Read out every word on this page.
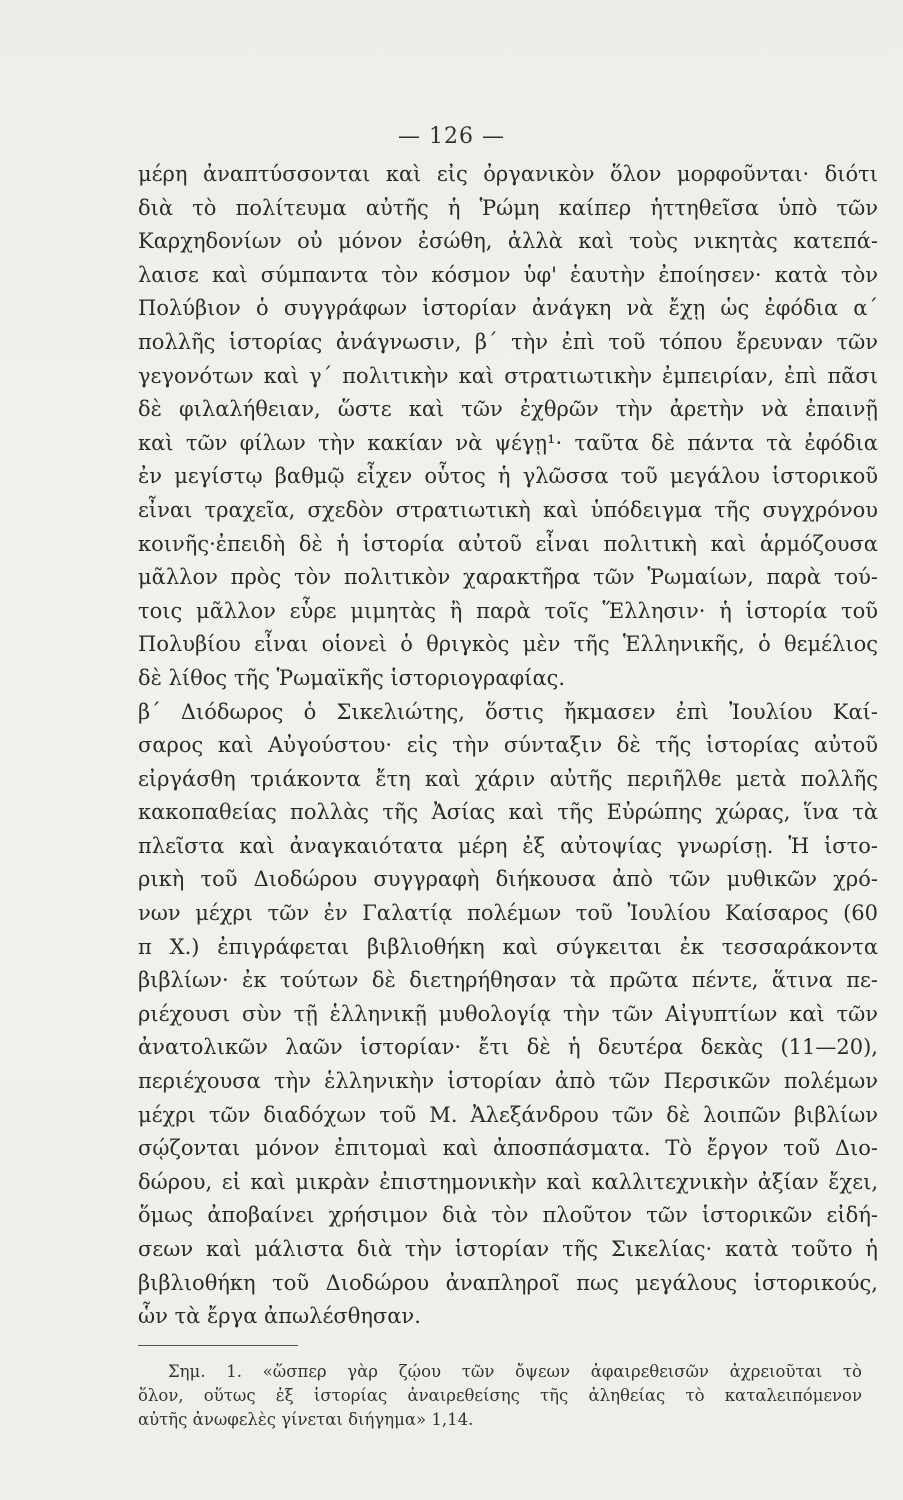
— 126 —
μέρη ἀναπτύσσονται καὶ εἰς ὀργανικὸν ὅλον μορφοῦνται· διότι
διὰ τὸ πολίτευμα αὐτῆς ἡ Ῥώμη καίπερ ἡττηθεῖσα ὑπὸ τῶν
Καρχηδονίων οὐ μόνον ἐσώθη, ἀλλὰ καὶ τοὺς νικητὰς κατεπά-
λαισε καὶ σύμπαντα τὸν κόσμον ὑφ' ἑαυτὴν ἐποίησεν· κατὰ τὸν
Πολύβιον ὁ συγγράφων ἱστορίαν ἀνάγκη νὰ ἔχῃ ὡς ἐφόδια α΄
πολλῆς ἱστορίας ἀνάγνωσιν, β΄ τὴν ἐπὶ τοῦ τόπου ἔρευναν τῶν
γεγονότων καὶ γ΄ πολιτικὴν καὶ στρατιωτικὴν ἐμπειρίαν, ἐπὶ πᾶσι
δὲ φιλαλήθειαν, ὥστε καὶ τῶν ἐχθρῶν τὴν ἀρετὴν νὰ ἐπαινῇ
καὶ τῶν φίλων τὴν κακίαν νὰ ψέγῃ¹· ταῦτα δὲ πάντα τὰ ἐφόδια
ἐν μεγίστῳ βαθμῷ εἶχεν οὗτος ἡ γλῶσσα τοῦ μεγάλου ἱστορικοῦ
εἶναι τραχεῖα, σχεδὸν στρατιωτικὴ καὶ ὑπόδειγμα τῆς συγχρόνου
κοινῆς·ἐπειδὴ δὲ ἡ ἱστορία αὐτοῦ εἶναι πολιτικὴ καὶ ἁρμόζουσα
μᾶλλον πρὸς τὸν πολιτικὸν χαρακτῆρα τῶν Ῥωμαίων, παρὰ τού-
τοις μᾶλλον εὗρε μιμητὰς ἢ παρὰ τοῖς Ἕλλησιν· ἡ ἱστορία τοῦ
Πολυβίου εἶναι οἱονεὶ ὁ θριγκὸς μὲν τῆς Ἑλληνικῆς, ὁ θεμέλιος
δὲ λίθος τῆς Ῥωμαϊκῆς ἱστοριογραφίας.
β΄ Διόδωρος ὁ Σικελιώτης, ὅστις ἤκμασεν ἐπὶ Ἰουλίου Καί-
σαρος καὶ Αὐγούστου· εἰς τὴν σύνταξιν δὲ τῆς ἱστορίας αὐτοῦ
εἰργάσθη τριάκοντα ἔτη καὶ χάριν αὐτῆς περιῆλθε μετὰ πολλῆς
κακοπαθείας πολλὰς τῆς Ἀσίας καὶ τῆς Εὐρώπης χώρας, ἵνα τὰ
πλεῖστα καὶ ἀναγκαιότατα μέρη ἐξ αὐτοψίας γνωρίσῃ. Ἡ ἱστο-
ρικὴ τοῦ Διοδώρου συγγραφὴ διήκουσα ἀπὸ τῶν μυθικῶν χρό-
νων μέχρι τῶν ἐν Γαλατίᾳ πολέμων τοῦ Ἰουλίου Καίσαρος (60
π Χ.) ἐπιγράφεται βιβλιοθήκη καὶ σύγκειται ἐκ τεσσαράκοντα
βιβλίων· ἐκ τούτων δὲ διετηρήθησαν τὰ πρῶτα πέντε, ἅτινα πε-
ριέχουσι σὺν τῇ ἑλληνικῇ μυθολογίᾳ τὴν τῶν Αἰγυπτίων καὶ τῶν
ἀνατολικῶν λαῶν ἱστορίαν· ἔτι δὲ ἡ δευτέρα δεκὰς (11—20),
περιέχουσα τὴν ἑλληνικὴν ἱστορίαν ἀπὸ τῶν Περσικῶν πολέμων
μέχρι τῶν διαδόχων τοῦ Μ. Ἀλεξάνδρου τῶν δὲ λοιπῶν βιβλίων
σῴζονται μόνον ἐπιτομαὶ καὶ ἀποσπάσματα. Τὸ ἔργον τοῦ Διο-
δώρου, εἰ καὶ μικρὰν ἐπιστημονικὴν καὶ καλλιτεχνικὴν ἀξίαν ἔχει,
ὅμως ἀποβαίνει χρήσιμον διὰ τὸν πλοῦτον τῶν ἱστορικῶν εἰδή-
σεων καὶ μάλιστα διὰ τὴν ἱστορίαν τῆς Σικελίας· κατὰ τοῦτο ἡ
βιβλιοθήκη τοῦ Διοδώρου ἀναπληροῖ πως μεγάλους ἱστορικούς,
ὧν τὰ ἔργα ἀπωλέσθησαν.
Σημ. 1. «ὥσπερ γὰρ ζῴου τῶν ὄψεων ἀφαιρεθεισῶν ἀχρειοῦται τὸ
ὅλον, οὕτως ἐξ ἱστορίας ἀναιρεθείσης τῆς ἀληθείας τὸ καταλειπόμενον
αὐτῆς ἀνωφελὲς γίνεται διήγημα» 1,14.
